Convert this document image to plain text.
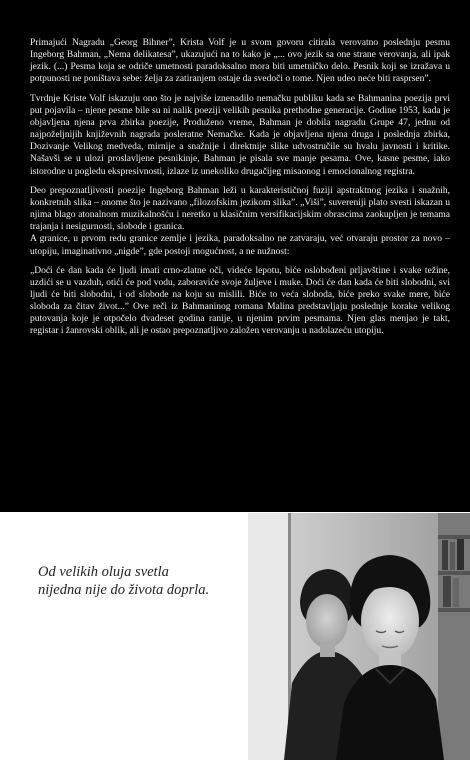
Primajući Nagradu „Georg Bihner”, Krista Volf je u svom govoru citirala verovatno poslednju pesmu Ingeborg Bahman, „Nema delikatesa”, ukazujući na to kako je „... ovo jezik sa one strane verovanja, ali ipak jezik. (...) Pesma koja se odriče umetnosti paradoksalno mora biti umetničko delo. Pesnik koji se izražava u potpunosti ne poništava sebe: želja za zatiranjem ostaje da svedoči o tome. Njen udeo neće biti rasprsen”.

Tvrdnje Kriste Volf iskazuju ono što je najviše iznenadilo nemačku publiku kada se Bahmanina poezija prvi put pojavila – njene pesme bile su ni nalik poeziji velikih pesnika prethodne generacije. Godine 1953, kada je objavljena njena prva zbirka poezije, Produženo vreme, Bahman je dobila nagradu Grupe 47, jednu od najpoželjnijih književnih nagrada posleratne Nemačke. Kada je objavljena njena druga i poslednja zbirka, Dozivanje Velikog medveda, mirnije a snažnije i direktnije slike udvostručile su hvalu javnosti i kritike. Našavši se u ulozi proslavljene pesnikinje, Bahman je pisala sve manje pesama. Ove, kasne pesme, iako istorodne u pogledu ekspresivnosti, izlaze iz unekoliko drugačijeg misaonog i emocionalnog registra.

Deo prepoznatljivosti poezije Ingeborg Bahman leži u karakterističnoj fuziji apstraktnog jezika i snažnih, konkretnih slika – onome što je nazivano „filozofskim jezikom slika”. „Viši”, suvereniji plato svesti iskazan u njima blago atonalnom muzikalnošću i neretko u klasičnim versifikacijskim obrascima zaokupljen je temama trajanja i nesigurnosti, slobode i granica.

A granice, u prvom redu granice zemlje i jezika, paradoksalno ne zatvaraju, već otvaraju prostor za novo – utopiju, imaginativno „nigde”, gde postoji mogućnost, a ne nužnost:

„Doći će dan kada će ljudi imati crno-zlatne oči, videće lepotu, biće oslobođeni prljavštine i svake težine, uzdići se u vazduh, otići će pod vodu, zaboraviće svoje žuljeve i muke. Doći će dan kada će biti slobodni, svi ljudi će biti slobodni, i od slobode na koju su mislili. Biće to veća sloboda, biće preko svake mere, biće sloboda za čitav život...” Ove reči iz Bahmaninog romana Malina predstavljaju poslednje korake velikog putovanja koje je otpočelo dvadeset godina ranije, u njenim prvim pesmama. Njen glas menjao je takt, registar i žanrovski oblik, ali je ostao prepoznatljivo založen verovanju u nadolazeću utopiju.

Od velikih oluja svetla
nijedna nije do života doprla.
